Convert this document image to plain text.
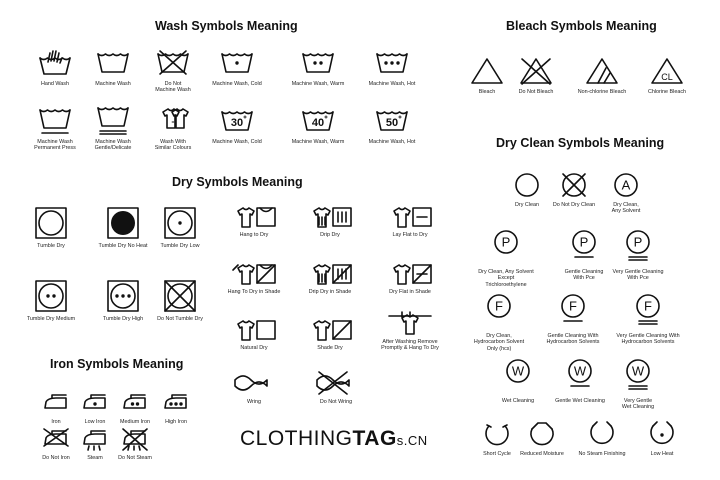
Wash Symbols Meaning	Bleach Symbols Meaning
Dry Symbols Meaning
Dry Clean Symbols Meaning
Iron Symbols Meaning
Hand Wash	Machine Wash	Do Not
Machine Wash
Machine Wash, Cold	Machine Wash, Warm	Machine Wash, Hot
Machine Wash
Permanent Press
Machine Wash
Gentle/Delicate
=
Wash With
Similar Colours
30
Machine Wash, Cold
40
Machine Wash, Warm
50
Machine Wash, Hot
Bleach	Do Not Bleach	Non-chlorine Bleach
CL
Chlorine Bleach
Tumble Dry	Tumble Dry No Heat Tumble Dry Low
Tumble Dry Medium	Tumble Dry High	Do Not Tumble Dry
Hang to Dry	Drip Dry	Lay Flat to Dry
Hang To Dry in Shade	Drip Dry in Shade	Dry Flat in Shade
Natural Dry	Shade Dry
After Washing Remove
Promptly & Hang To Dry
Wring	Do Not Wring
Iron	Low Iron	Medium Iron	High Iron
Do Not Iron	Steam	Do Not Steam
Dry Clean	Do Not Dry Clean
A
Dry Clean,
Any Solvent
P
Dry Clean, Any Solvent
Except
Trichloroethylene
P
Gentle Cleaning
With Pce
P
Very Gentle Cleaning
With Pce
F
Dry Clean,
Hydrocarbon Solvent
Only (hcs)
F
Gentle Cleaning With
Hydrocarbon Solvents
F
Very Gentle Cleaning With
Hydrocarbon Solvents
W
Wet Cleaning
W
Gentle Wet Cleaning
W
Very Gentle
Wet Cleaning
Short Cycle Reduced Moisture	No Steam Finishing	Low Heat
CLOTHINGTAGs.CN
